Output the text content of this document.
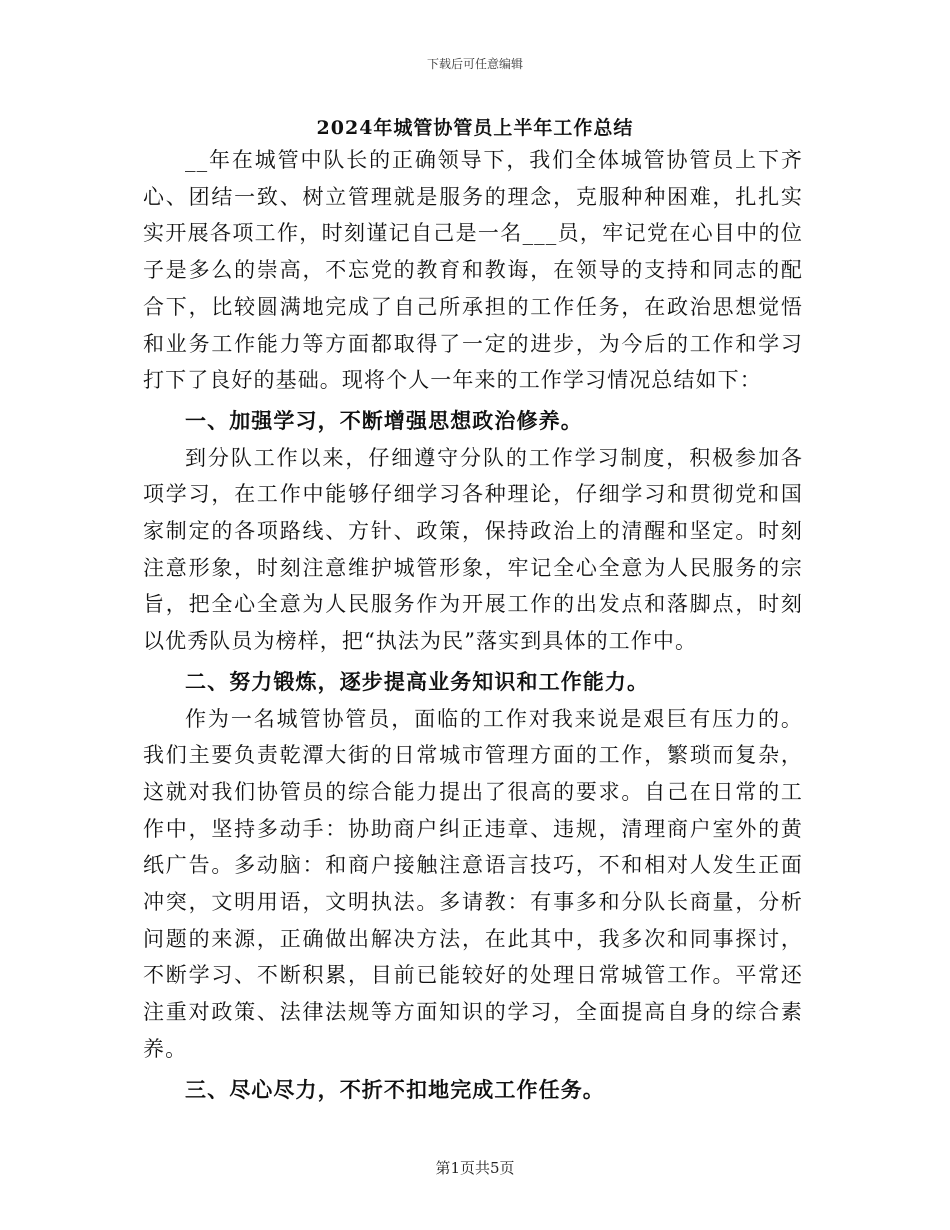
下载后可任意编辑
2024年城管协管员上半年工作总结

__年在城管中队长的正确领导下，我们全体城管协管员上下齐心、团结一致、树立管理就是服务的理念，克服种种困难，扎扎实实开展各项工作，时刻谨记自己是一名___员，牢记党在心目中的位子是多么的崇高，不忘党的教育和教诲，在领导的支持和同志的配合下，比较圆满地完成了自己所承担的工作任务，在政治思想觉悟和业务工作能力等方面都取得了一定的进步，为今后的工作和学习打下了良好的基础。现将个人一年来的工作学习情况总结如下：

一、加强学习，不断增强思想政治修养。

到分队工作以来，仔细遵守分队的工作学习制度，积极参加各项学习，在工作中能够仔细学习各种理论，仔细学习和贯彻党和国家制定的各项路线、方针、政策，保持政治上的清醒和坚定。时刻注意形象，时刻注意维护城管形象，牢记全心全意为人民服务的宗旨，把全心全意为人民服务作为开展工作的出发点和落脚点，时刻以优秀队员为榜样，把“执法为民”落实到具体的工作中。

二、努力锻炼，逐步提高业务知识和工作能力。

作为一名城管协管员，面临的工作对我来说是艰巨有压力的。我们主要负责乾潭大街的日常城市管理方面的工作，繁琐而复杂，这就对我们协管员的综合能力提出了很高的要求。自己在日常的工作中，坚持多动手：协助商户纠正违章、违规，清理商户室外的黄纸广告。多动脑：和商户接触注意语言技巧，不和相对人发生正面冲突，文明用语，文明执法。多请教：有事多和分队长商量，分析问题的来源，正确做出解决方法，在此其中，我多次和同事探讨，不断学习、不断积累，目前已能较好的处理日常城管工作。平常还注重对政策、法律法规等方面知识的学习，全面提高自身的综合素养。

三、尽心尽力，不折不扣地完成工作任务。

第1页共5页
